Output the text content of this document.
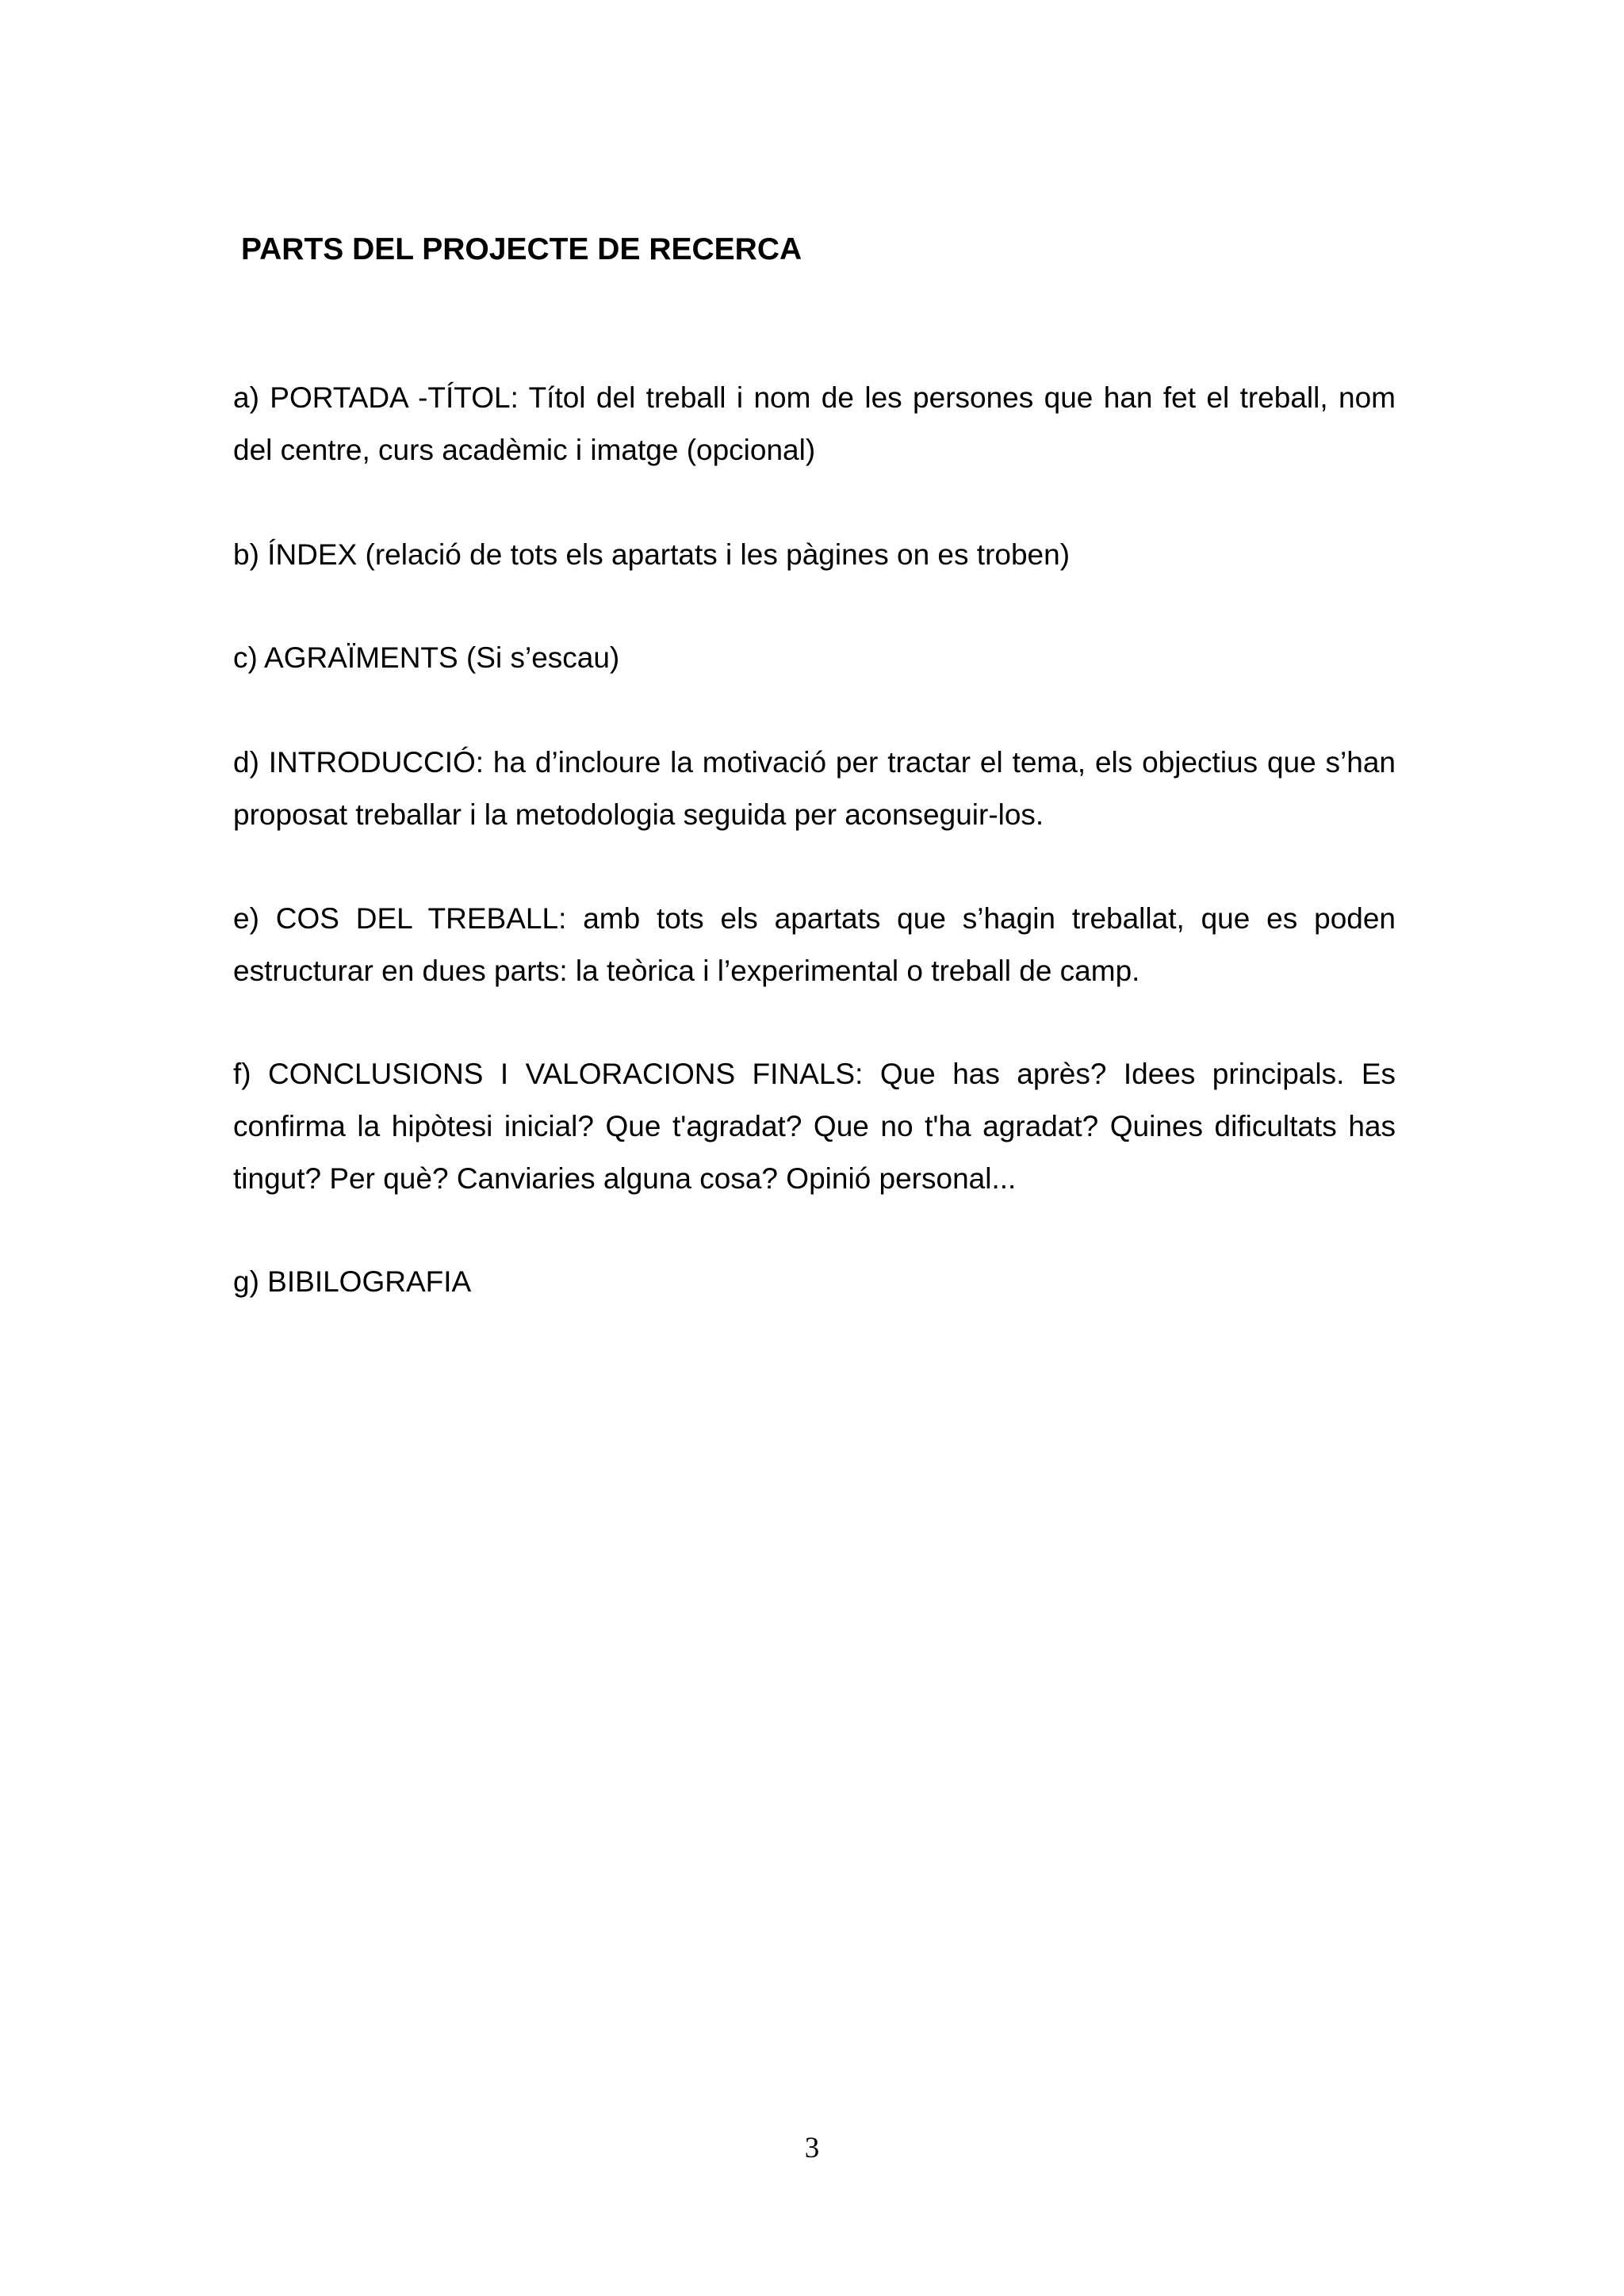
PARTS DEL PROJECTE DE RECERCA

a) PORTADA -TÍTOL: Títol del treball i nom de les persones que han fet el treball, nom del centre, curs acadèmic i imatge (opcional)

b) ÍNDEX (relació de tots els apartats i les pàgines on es troben)

c) AGRAÏMENTS (Si s’escau)

d) INTRODUCCIÓ: ha d’incloure la motivació per tractar el tema, els objectius que s’han proposat treballar i la metodologia seguida per aconseguir-los.

e) COS DEL TREBALL: amb tots els apartats que s’hagin treballat, que es poden estructurar en dues parts: la teòrica i l’experimental o treball de camp.

f) CONCLUSIONS I VALORACIONS FINALS: Que has après? Idees principals. Es confirma la hipòtesi inicial? Que t'agradat? Que no t'ha agradat? Quines dificultats has tingut? Per què? Canviaries alguna cosa? Opinió personal...

g) BIBILOGRAFIA

3
